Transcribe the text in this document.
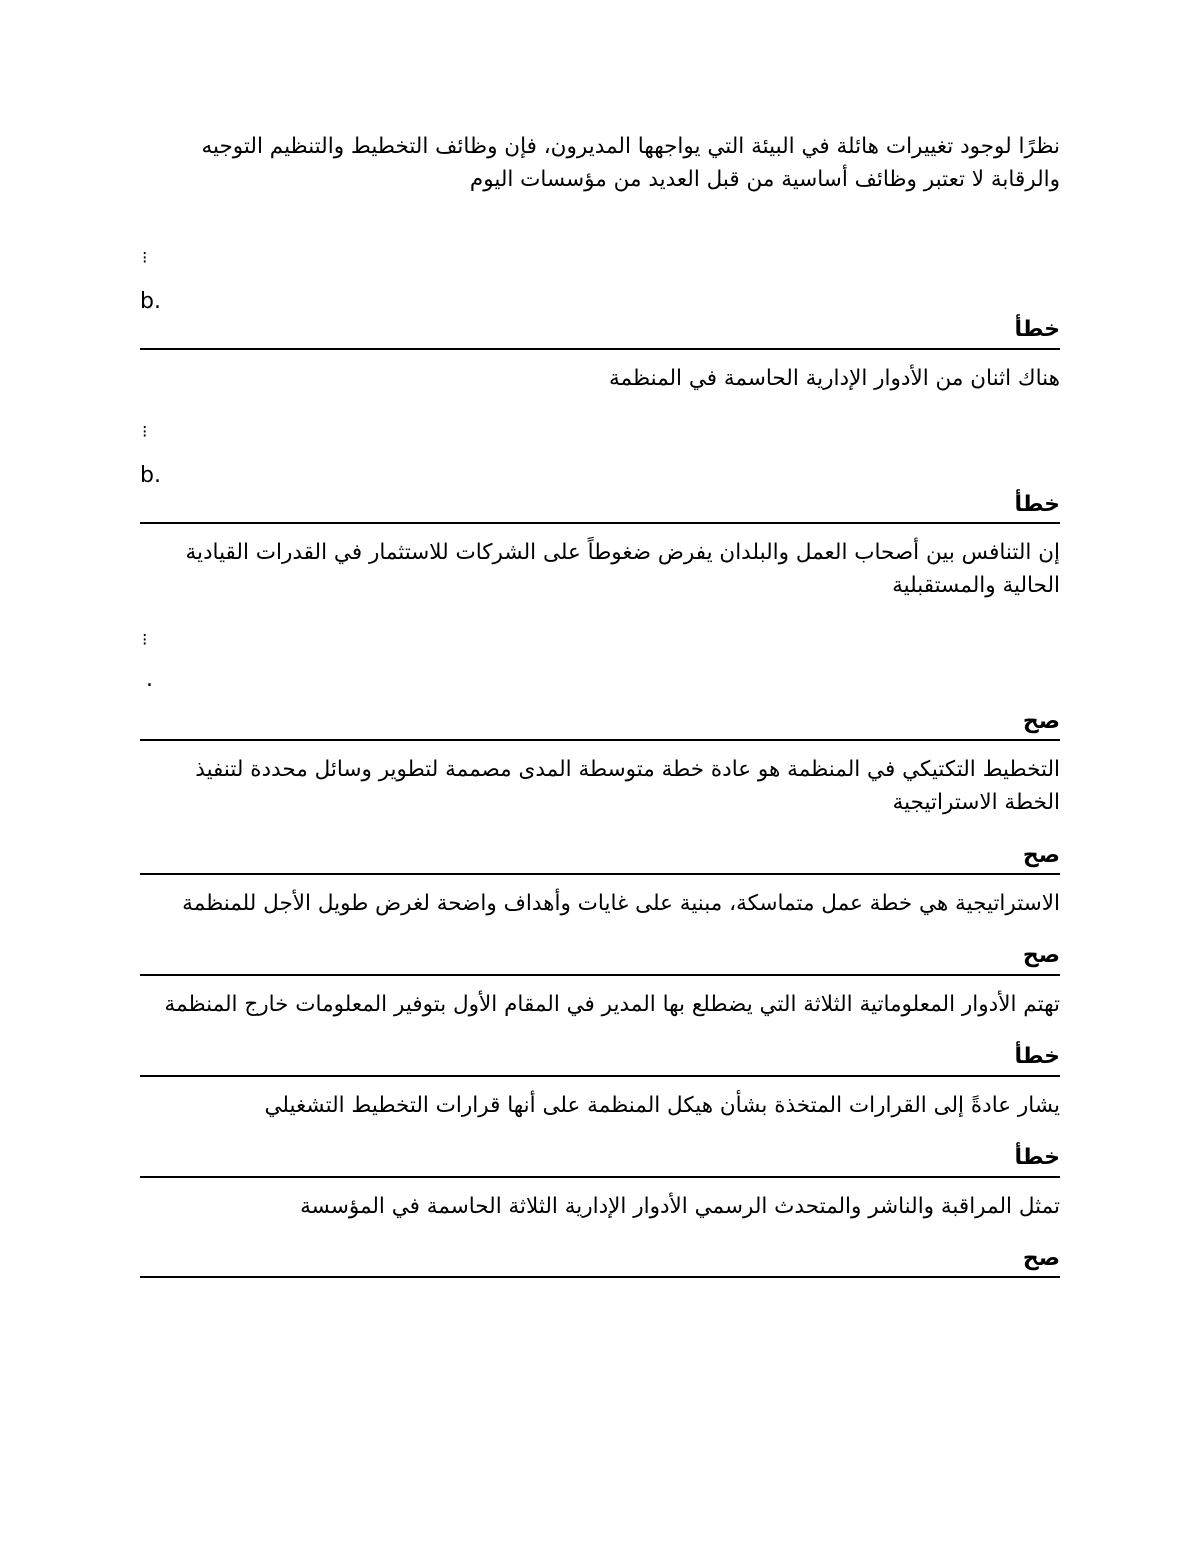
نظرًا لوجود تغييرات هائلة في البيئة التي يواجهها المديرون، فإن وظائف التخطيط والتنظيم التوجيه والرقابة لا تعتبر وظائف أساسية من قبل العديد من مؤسسات اليوم

⁝

b.

خطأ

هناك اثنان من الأدوار الإدارية الحاسمة في المنظمة

⁝

b.

خطأ

إن التنافس بين أصحاب العمل والبلدان يفرض ضغوطاً على الشركات للاستثمار في القدرات القيادية الحالية والمستقبلية

⁝

.

صح

التخطيط التكتيكي في المنظمة هو عادة خطة متوسطة المدى مصممة لتطوير وسائل محددة لتنفيذ الخطة الاستراتيجية

صح

الاستراتيجية هي خطة عمل متماسكة، مبنية على غايات وأهداف واضحة لغرض طويل الأجل للمنظمة

صح

تهتم الأدوار المعلوماتية الثلاثة التي يضطلع بها المدير في المقام الأول بتوفير المعلومات خارج المنظمة

خطأ

يشار عادةً إلى القرارات المتخذة بشأن هيكل المنظمة على أنها قرارات التخطيط التشغيلي

خطأ

تمثل المراقبة والناشر والمتحدث الرسمي الأدوار الإدارية الثلاثة الحاسمة في المؤسسة

صح
